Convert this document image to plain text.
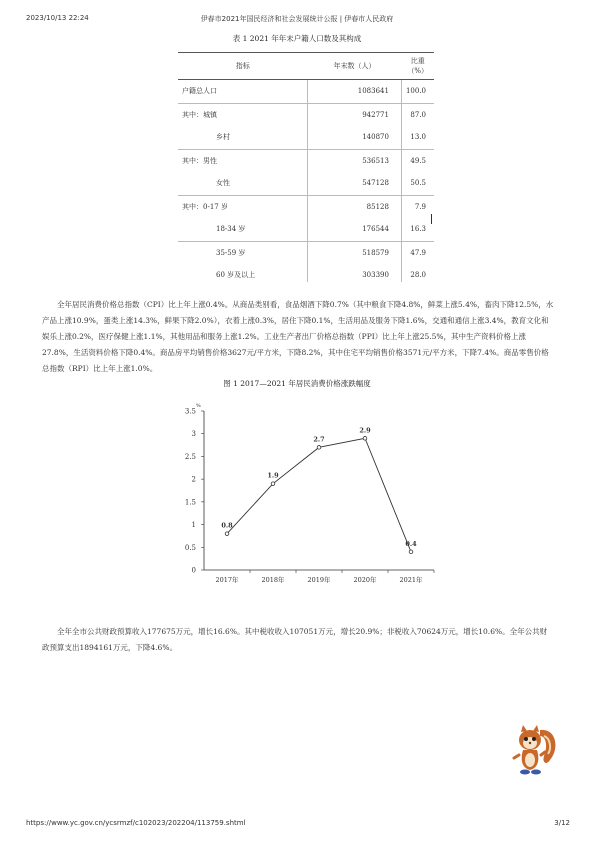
2023/10/13 22:24	伊春市2021年国民经济和社会发展统计公报 | 伊春市人民政府
表 1 2021 年年末户籍人口数及其构成
指标	年末数（人）	比重（%）
户籍总人口	1083641	100.0
其中：城镇	942771	87.0
乡村	140870	13.0
其中：男性	536513	49.5
女性	547128	50.5
其中：0-17 岁	85128	7.9
18-34 岁	176544	16.3
35-59 岁	518579	47.9
60 岁及以上	303390	28.0

全年居民消费价格总指数（CPI）比上年上涨0.4%。从商品类别看，食品烟酒下降0.7%（其中粮食下降4.8%，鲜菜上涨5.4%，畜肉下降12.5%，水产品上涨10.9%，蛋类上涨14.3%，鲜果下降2.0%），衣着上涨0.3%，居住下降0.1%，生活用品及服务下降1.6%，交通和通信上涨3.4%，教育文化和娱乐上涨0.2%，医疗保健上涨1.1%，其他用品和服务上涨1.2%。工业生产者出厂价格总指数（PPI）比上年上涨25.5%，其中生产资料价格上涨27.8%，生活资料价格下降0.4%。商品房平均销售价格3627元/平方米，下降8.2%，其中住宅平均销售价格3571元/平方米，下降7.4%。商品零售价格总指数（RPI）比上年上涨1.0%。

图 1 2017—2021 年居民消费价格涨跌幅度
%
0
0.5
1
1.5
2
2.5
3
3.5
2017年	2018年	2019年	2020年	2021年
0.8
1.9
2.7
2.9
0.4

全年全市公共财政预算收入177675万元，增长16.6%。其中税收收入107051万元，增长20.9%；非税收入70624万元，增长10.6%。全年公共财政预算支出1894161万元，下降4.6%。

https://www.yc.gov.cn/ycsrmzf/c102023/202204/113759.shtml	3/12
